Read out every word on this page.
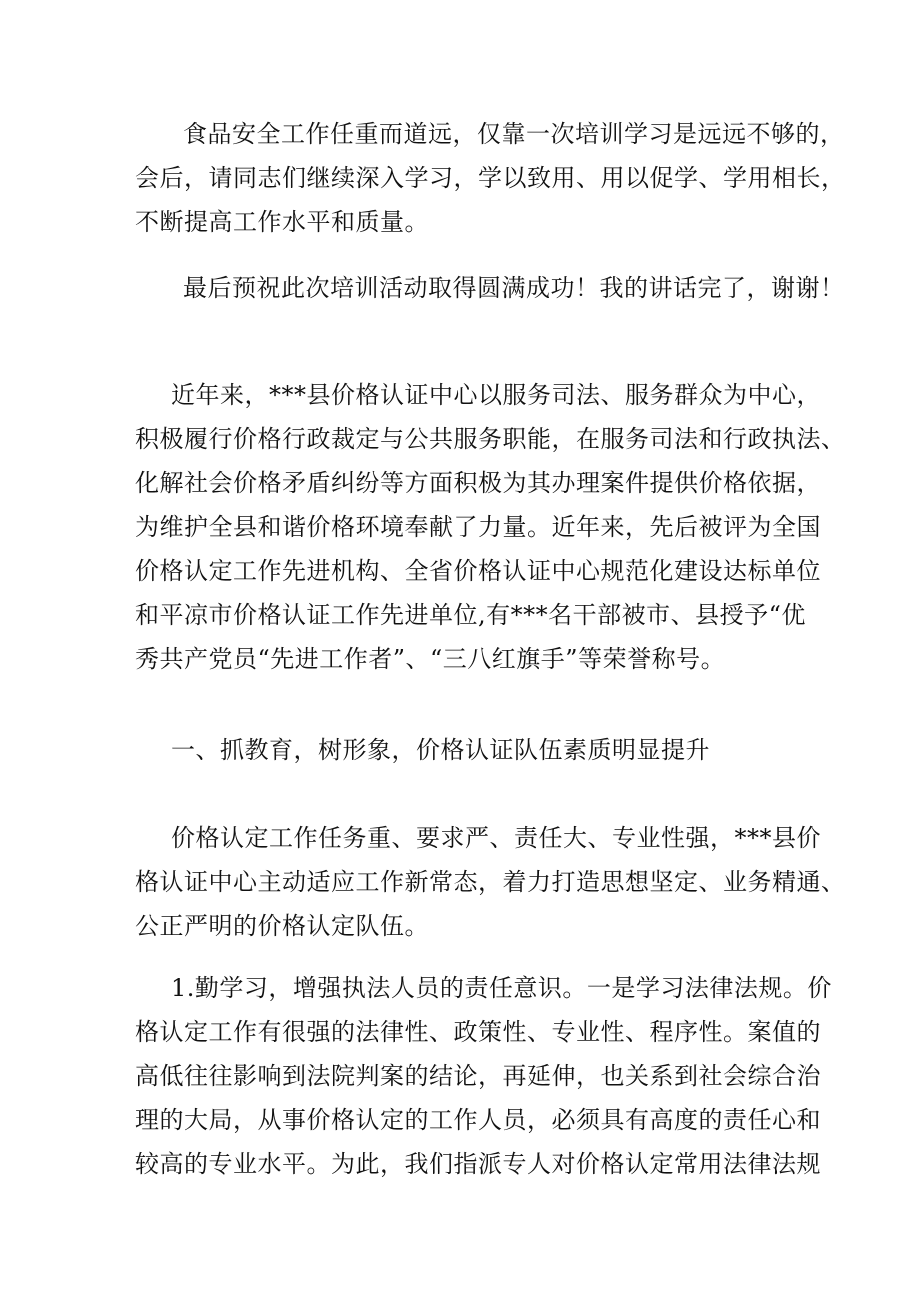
食品安全工作任重而道远，仅靠一次培训学习是远远不够的，
会后，请同志们继续深入学习，学以致用、用以促学、学用相长，
不断提高工作水平和质量。
最后预祝此次培训活动取得圆满成功！我的讲话完了，谢谢！
近年来，***县价格认证中心以服务司法、服务群众为中心，
积极履行价格行政裁定与公共服务职能，在服务司法和行政执法、
化解社会价格矛盾纠纷等方面积极为其办理案件提供价格依据，
为维护全县和谐价格环境奉献了力量。近年来，先后被评为全国
价格认定工作先进机构、全省价格认证中心规范化建设达标单位
和平凉市价格认证工作先进单位,有***名干部被市、县授予“优
秀共产党员“先进工作者”、“三八红旗手”等荣誉称号。
一、抓教育，树形象，价格认证队伍素质明显提升
价格认定工作任务重、要求严、责任大、专业性强，***县价
格认证中心主动适应工作新常态，着力打造思想坚定、业务精通、
公正严明的价格认定队伍。
1.勤学习，增强执法人员的责任意识。一是学习法律法规。价
格认定工作有很强的法律性、政策性、专业性、程序性。案值的
高低往往影响到法院判案的结论，再延伸，也关系到社会综合治
理的大局，从事价格认定的工作人员，必须具有高度的责任心和
较高的专业水平。为此，我们指派专人对价格认定常用法律法规
